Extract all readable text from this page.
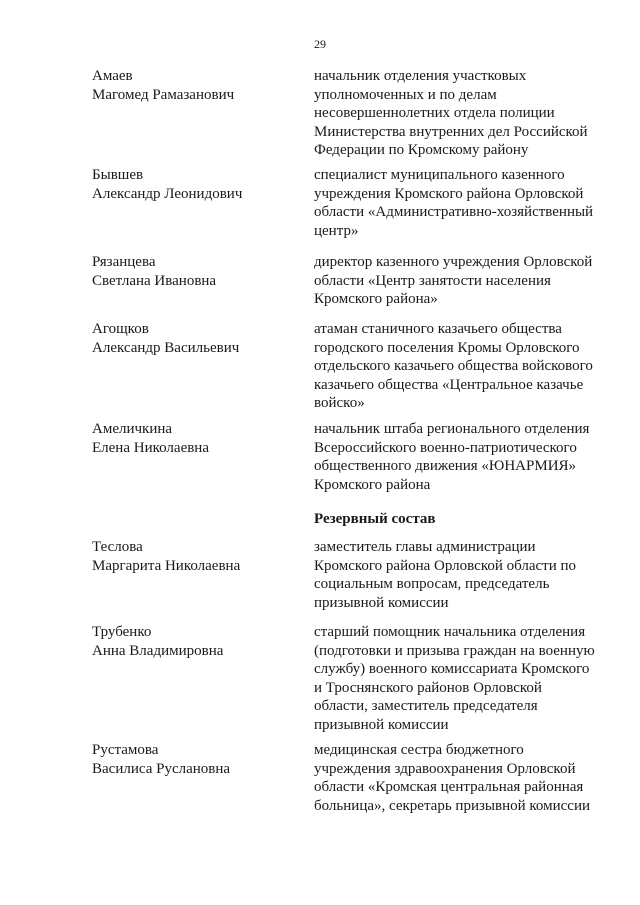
29
Амаев
Магомед Рамазанович
начальник отделения участковых
уполномоченных и по делам
несовершеннолетних отдела полиции
Министерства внутренних дел Российской
Федерации по Кромскому району
Бывшев
Александр Леонидович
специалист муниципального казенного
учреждения Кромского района Орловской
области «Административно-хозяйственный
центр»
Рязанцева
Светлана Ивановна
директор казенного учреждения Орловской
области «Центр занятости населения
Кромского района»
Агощков
Александр Васильевич
атаман станичного казачьего общества
городского поселения Кромы Орловского
отдельского казачьего общества войскового
казачьего общества «Центральное казачье
войско»
Амеличкина
Елена Николаевна
начальник штаба регионального отделения
Всероссийского военно-патриотического
общественного движения «ЮНАРМИЯ»
Кромского района
Резервный состав
Теслова
Маргарита Николаевна
заместитель главы администрации
Кромского района Орловской области по
социальным вопросам, председатель
призывной комиссии
Трубенко
Анна Владимировна
старший помощник начальника отделения
(подготовки и призыва граждан на военную
службу) военного комиссариата Кромского
и Троснянского районов Орловской
области, заместитель председателя
призывной комиссии
Рустамова
Василиса Руслановна
медицинская сестра бюджетного
учреждения здравоохранения Орловской
области «Кромская центральная районная
больница», секретарь призывной комиссии
